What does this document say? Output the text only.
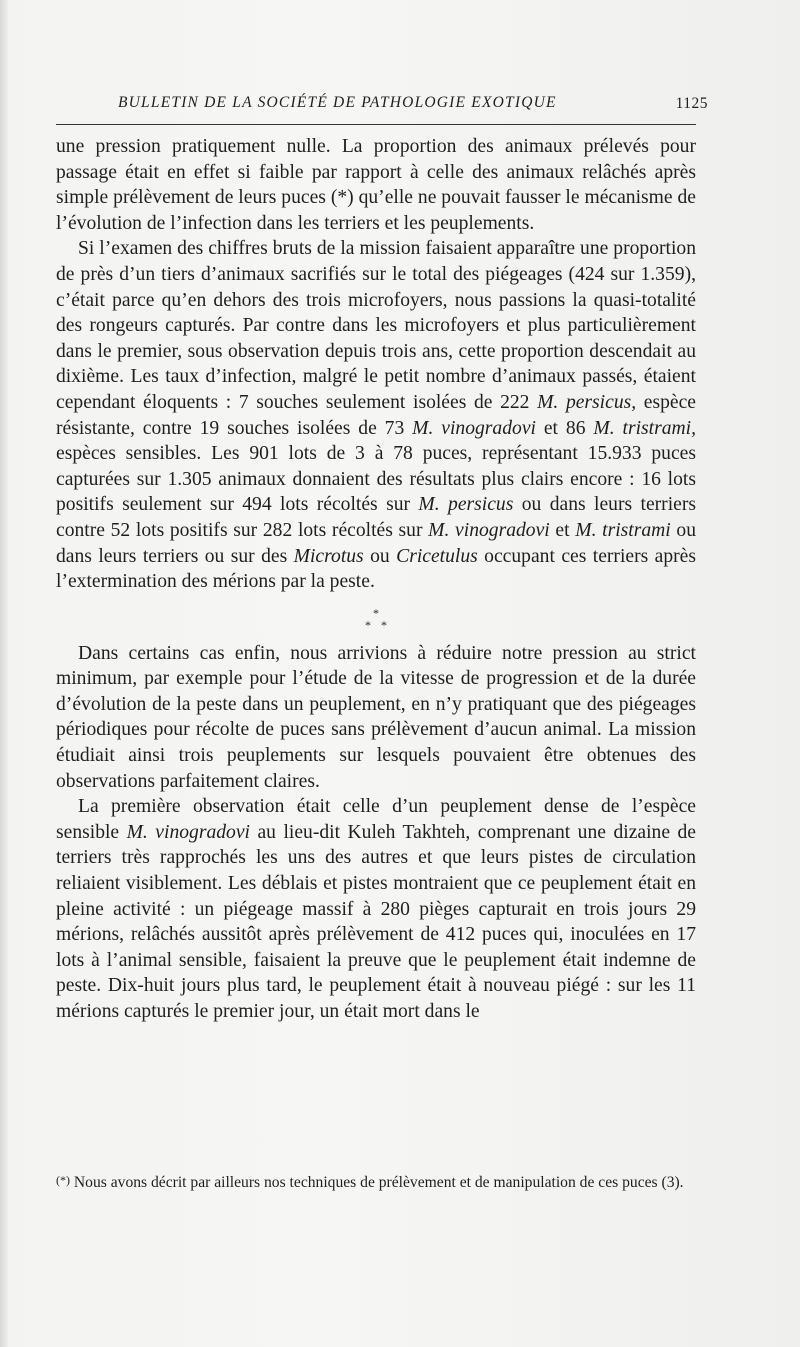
BULLETIN DE LA SOCIÉTÉ DE PATHOLOGIE EXOTIQUE	1125

une pression pratiquement nulle. La proportion des animaux prélevés pour passage était en effet si faible par rapport à celle des animaux relâchés après simple prélèvement de leurs puces (*) qu’elle ne pouvait fausser le mécanisme de l’évolution de l’infection dans les terriers et les peuplements.

Si l’examen des chiffres bruts de la mission faisaient apparaître une proportion de près d’un tiers d’animaux sacrifiés sur le total des piégeages (424 sur 1.359), c’était parce qu’en dehors des trois microfoyers, nous passions la quasi-totalité des rongeurs capturés. Par contre dans les microfoyers et plus particulièrement dans le premier, sous observation depuis trois ans, cette proportion descendait au dixième. Les taux d’infection, malgré le petit nombre d’animaux passés, étaient cependant éloquents : 7 souches seulement isolées de 222 M. persicus, espèce résistante, contre 19 souches isolées de 73 M. vinogradovi et 86 M. tristrami, espèces sensibles. Les 901 lots de 3 à 78 puces, représentant 15.933 puces capturées sur 1.305 animaux donnaient des résultats plus clairs encore : 16 lots positifs seulement sur 494 lots récoltés sur M. persicus ou dans leurs terriers contre 52 lots positifs sur 282 lots récoltés sur M. vinogradovi et M. tristrami ou dans leurs terriers ou sur des Microtus ou Cricetulus occupant ces terriers après l’extermination des mérions par la peste.

*
* *

Dans certains cas enfin, nous arrivions à réduire notre pression au strict minimum, par exemple pour l’étude de la vitesse de progression et de la durée d’évolution de la peste dans un peuplement, en n’y pratiquant que des piégeages périodiques pour récolte de puces sans prélèvement d’aucun animal. La mission étudiait ainsi trois peuplements sur lesquels pouvaient être obtenues des observations parfaitement claires.

La première observation était celle d’un peuplement dense de l’espèce sensible M. vinogradovi au lieu-dit Kuleh Takhteh, comprenant une dizaine de terriers très rapprochés les uns des autres et que leurs pistes de circulation reliaient visiblement. Les déblais et pistes montraient que ce peuplement était en pleine activité : un piégeage massif à 280 pièges capturait en trois jours 29 mérions, relâchés aussitôt après prélèvement de 412 puces qui, inoculées en 17 lots à l’animal sensible, faisaient la preuve que le peuplement était indemne de peste. Dix-huit jours plus tard, le peuplement était à nouveau piégé : sur les 11 mérions capturés le premier jour, un était mort dans le

(*) Nous avons décrit par ailleurs nos techniques de prélèvement et de manipulation de ces puces (3).
